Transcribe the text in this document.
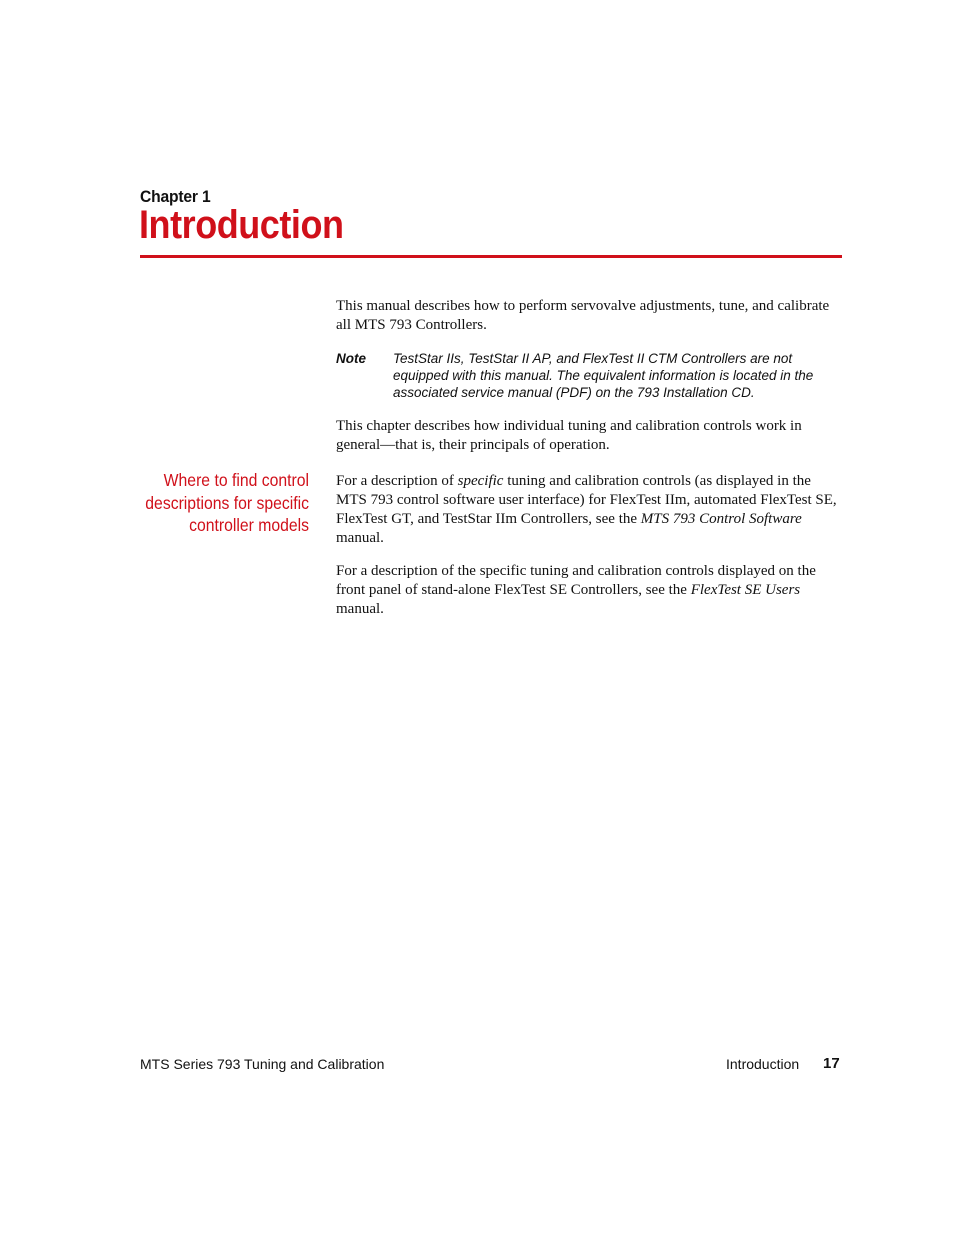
Chapter 1
Introduction

This manual describes how to perform servovalve adjustments, tune, and calibrate all MTS 793 Controllers.

Note TestStar IIs, TestStar II AP, and FlexTest II CTM Controllers are not equipped with this manual. The equivalent information is located in the associated service manual (PDF) on the 793 Installation CD.

This chapter describes how individual tuning and calibration controls work in general—that is, their principals of operation.

Where to find control
descriptions for specific
controller models

For a description of specific tuning and calibration controls (as displayed in the MTS 793 control software user interface) for FlexTest IIm, automated FlexTest SE, FlexTest GT, and TestStar IIm Controllers, see the MTS 793 Control Software manual.

For a description of the specific tuning and calibration controls displayed on the front panel of stand-alone FlexTest SE Controllers, see the FlexTest SE Users manual.

MTS Series 793 Tuning and Calibration	Introduction 17
